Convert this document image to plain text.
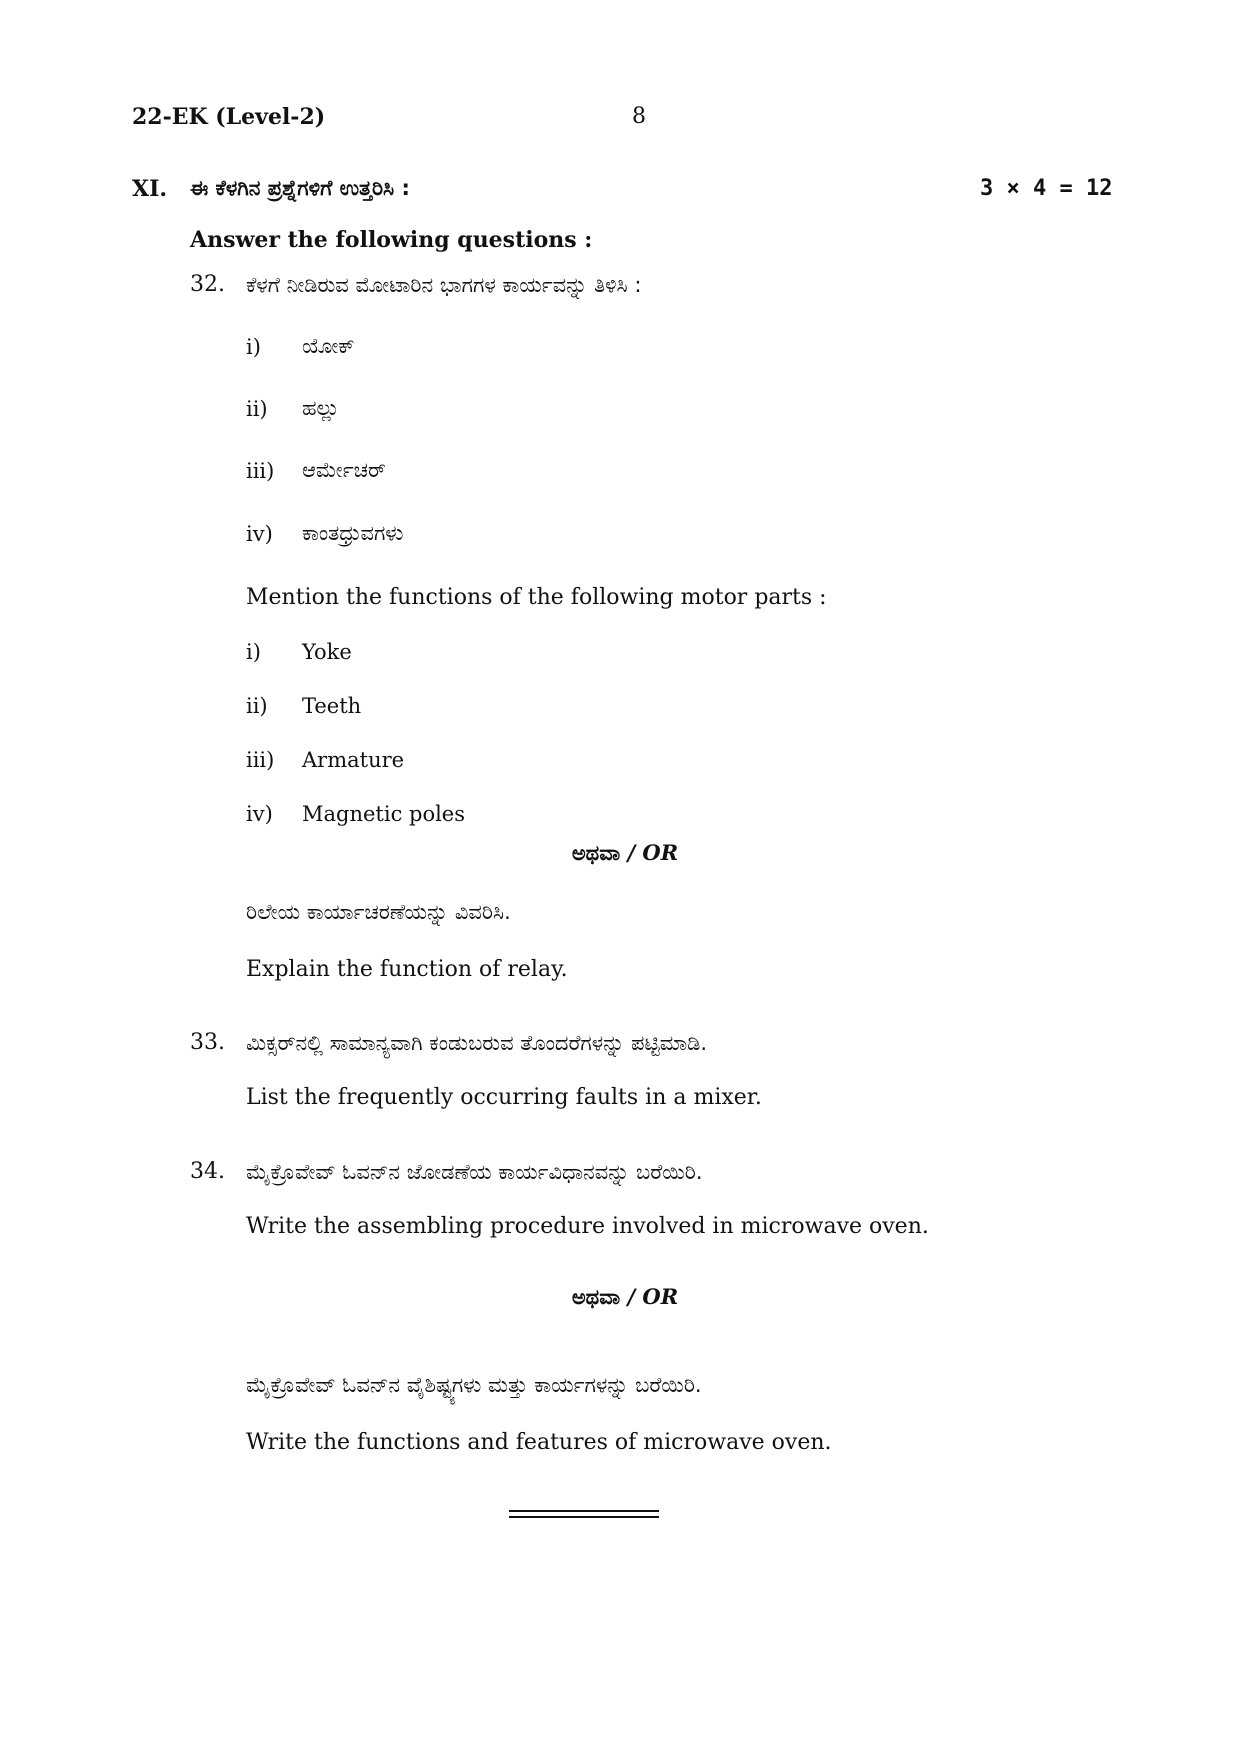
22-EK (Level-2)	8
XI. ಈ ಕೆಳಗಿನ ಪ್ರಶ್ನೆಗಳಿಗೆ ಉತ್ತರಿಸಿ :	3 × 4 = 12
Answer the following questions :
32. ಕೆಳಗೆ ನೀಡಿರುವ ಮೋಟಾರಿನ ಭಾಗಗಳ ಕಾರ್ಯವನ್ನು ತಿಳಿಸಿ :
i) ಯೋಕ್
ii) ಹಲ್ಲು
iii) ಆರ್ಮೇಚರ್
iv) ಕಾಂತಧ್ರುವಗಳು
Mention the functions of the following motor parts :
i) Yoke
ii) Teeth
iii) Armature
iv) Magnetic poles
ಅಥವಾ / OR
ರಿಲೇಯ ಕಾರ್ಯಾಚರಣೆಯನ್ನು ವಿವರಿಸಿ.
Explain the function of relay.
33. ಮಿಕ್ಸರ್‌ನಲ್ಲಿ ಸಾಮಾನ್ಯವಾಗಿ ಕಂಡುಬರುವ ತೊಂದರೆಗಳನ್ನು ಪಟ್ಟಿಮಾಡಿ.
List the frequently occurring faults in a mixer.
34. ಮೈಕ್ರೊವೇವ್ ಓವನ್‌ನ ಜೋಡಣೆಯ ಕಾರ್ಯವಿಧಾನವನ್ನು ಬರೆಯಿರಿ.
Write the assembling procedure involved in microwave oven.
ಅಥವಾ / OR
ಮೈಕ್ರೊವೇವ್ ಓವನ್‌ನ ವೈಶಿಷ್ಟ್ಯಗಳು ಮತ್ತು ಕಾರ್ಯಗಳನ್ನು ಬರೆಯಿರಿ.
Write the functions and features of microwave oven.
